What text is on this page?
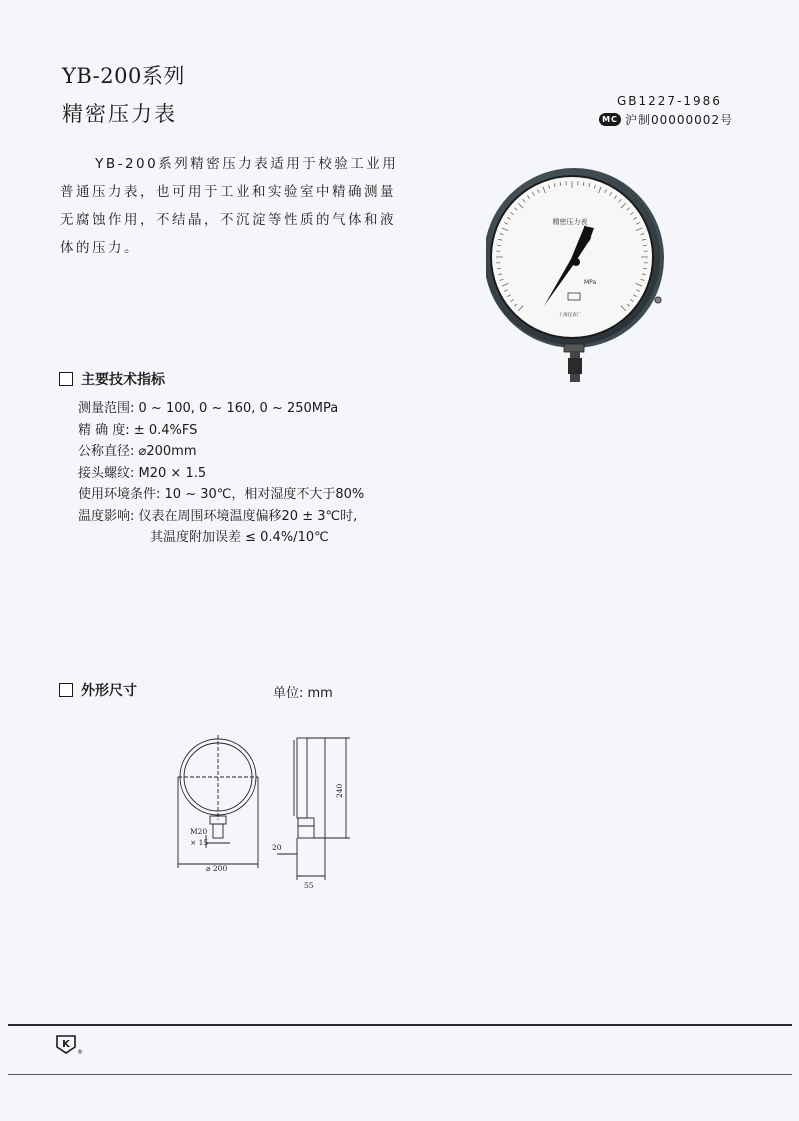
YB-200系列
精密压力表
GB1227-1986
MC 沪制00000002号
YB-200系列精密压力表适用于校验工业用普通压力表，也可用于工业和实验室中精确测量无腐蚀作用，不结晶，不沉淀等性质的气体和液体的压力。
精密压力表
MPa
上海仪表厂
主要技术指标
测量范围: 0 ~ 100, 0 ~ 160, 0 ~ 250MPa
精 确 度: ± 0.4%FS
公称直径: ⌀200mm
接头螺纹: M20 × 1.5
使用环境条件: 10 ~ 30℃，相对湿度不大于80%
温度影响: 仪表在周围环境温度偏移20 ± 3℃时,
其温度附加误差 ≤ 0.4%/10℃
外形尺寸	单位: mm
M20
× 15
⌀ 200
240
20
55
K
®
